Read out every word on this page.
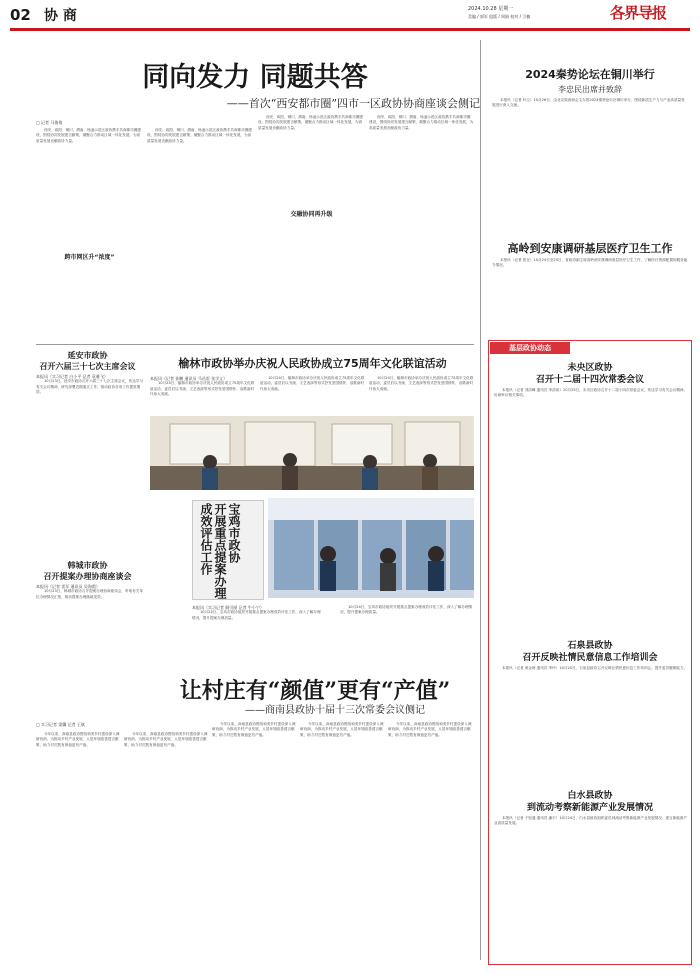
02 协 商	2024.10.28 星期一
美编 / 郭军 组版 / 周娟 校对 / 卫楠	各界导报
同向发力 同题共答
——首次“西安都市圈”四市一区政协协商座谈会侧记
□ 记者 马倩倩

西安、咸阳、铜川、渭南、杨凌示范区政协携手共商都市圈建设，围绕协同发展建言献策，凝聚合力推动区域一体化发展，为高质量发展贡献政协力量。

西安、咸阳、铜川、渭南、杨凌示范区政协携手共商都市圈建设，围绕协同发展建言献策，凝聚合力推动区域一体化发展，为高质量发展贡献政协力量。

西安、咸阳、铜川、渭南、杨凌示范区政协携手共商都市圈建设，围绕协同发展建言献策，凝聚合力推动区域一体化发展，为高质量发展贡献政协力量。

西安、咸阳、铜川、渭南、杨凌示范区政协携手共商都市圈建设，围绕协同发展建言献策，凝聚合力推动区域一体化发展，为高质量发展贡献政协力量。

跨市网区升“浓度”
交融协同再升级
延安市政协
召开六届三十七次主席会议
本报讯（实习记者 白小平 记者 袁雅飞）

10月23日，延安市政协召开六届三十七次主席会议，传达学习有关会议精神，研究部署近期重点工作，推动政协各项工作提质增效。

韩城市政协
召开提案办理协商座谈会
本报讯（记者 雷军 通讯员 吴海霞）

10月23日，韩城市政协召开提案办理协商座谈会，听取有关单位办理情况汇报，推动提案办理落地见效。

榆林市政协举办庆祝人民政协成立75周年文化联谊活动
本报讯（记者 孙鹏 通讯员 马昌雷 张学义）

10月24日，榆林市政协举办庆祝人民政协成立75周年文化联谊活动，委员们以书画、文艺表演等形式抒发爱国情怀，讴歌新时代伟大成就。

10月24日，榆林市政协举办庆祝人民政协成立75周年文化联谊活动，委员们以书画、文艺表演等形式抒发爱国情怀，讴歌新时代伟大成就。

10月24日，榆林市政协举办庆祝人民政协成立75周年文化联谊活动，委员们以书画、文艺表演等形式抒发爱国情怀，讴歌新时代伟大成就。

宝鸡市政协
开展重点提案办理成效评估工作
本报讯（实习记者 顾引丽 记者 牛小宁）

10月24日，宝鸡市政协组织开展重点提案办理成效评估工作，深入了解办理情况，提升提案办理质量。

10月24日，宝鸡市政协组织开展重点提案办理成效评估工作，深入了解办理情况，提升提案办理质量。

让村庄有“颜值”更有“产值”
——商南县政协十届十三次常委会议侧记
□ 实习记者 梁馨 记者 王斌

今年以来，商南县政协围绕和美乡村建设深入调研协商，为推动乡村产业发展、人居环境改善建言献策，助力村庄既有颜值更有产值。

今年以来，商南县政协围绕和美乡村建设深入调研协商，为推动乡村产业发展、人居环境改善建言献策，助力村庄既有颜值更有产值。

今年以来，商南县政协围绕和美乡村建设深入调研协商，为推动乡村产业发展、人居环境改善建言献策，助力村庄既有颜值更有产值。

今年以来，商南县政协围绕和美乡村建设深入调研协商，为推动乡村产业发展、人居环境改善建言献策，助力村庄既有颜值更有产值。

今年以来，商南县政协围绕和美乡村建设深入调研协商，为推动乡村产业发展、人居环境改善建言献策，助力村庄既有颜值更有产值。

2024秦势论坛在铜川举行
李忠民出席并致辞

本报讯（记者 叶尘）10月26日，由北京陕西商会主办的2024秦势论坛在铜川举行，围绕新质生产力与产业高质量发展进行深入交流。

高岭到安康调研基层医疗卫生工作

本报讯（记者 张豆）10月24日至25日，省政协副主席高岭到安康调研基层医疗卫生工作，了解医疗资源配置和服务能力情况。

基层政协动态
未央区政协
召开十二届十四次常委会议

本报讯（记者 刘清峰 通讯员 李清泉）10月25日，未央区政协召开十二届十四次常委会议，传达学习有关会议精神，协商审议相关事项。

石泉县政协
召开反映社情民意信息工作培训会

本报讯（记者 黄金海 通讯员 李玲）10月25日，石泉县政协召开反映社情民意信息工作培训会，提升委员履职能力。

白水县政协
到流动考察新能源产业发展情况

本报讯（记者 于钜通 通讯员 潘宇）10月24日，白水县政协组织委员到流动考察新能源产业发展情况，建言新能源产业高质量发展。
